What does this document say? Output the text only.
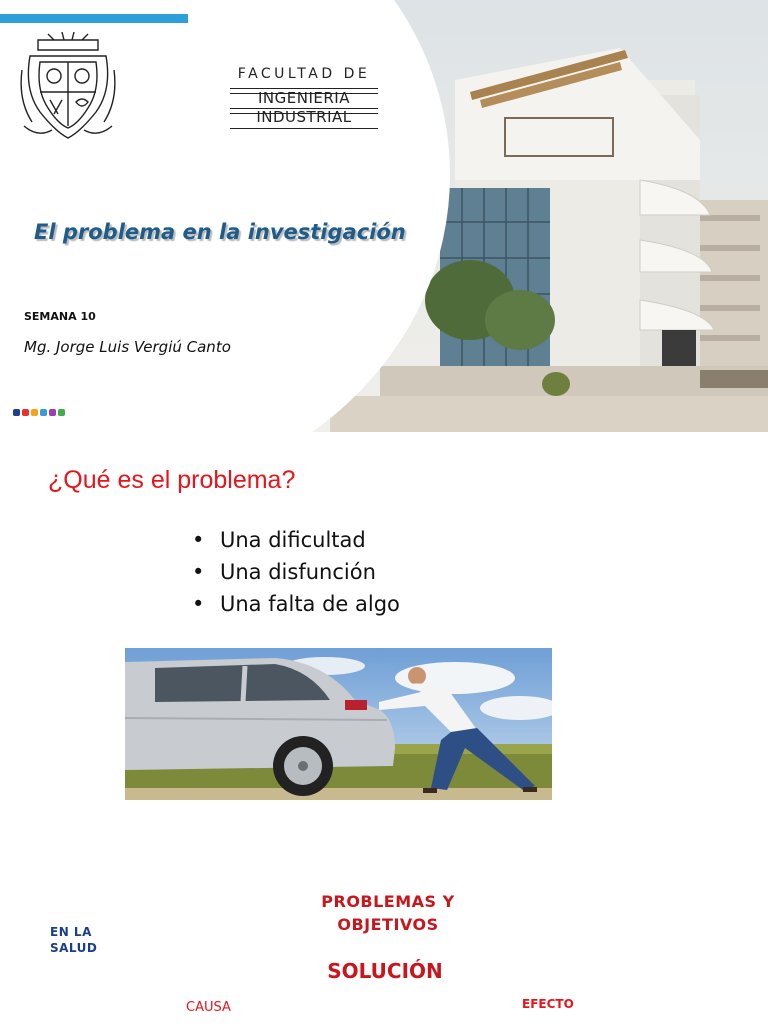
FACULTAD DE
INGENIERIA
INDUSTRIAL
El problema en la investigación
SEMANA 10
Mg. Jorge Luis Vergiú Canto
¿Qué es el problema?
• Una dificultad
• Una disfunción
• Una falta de algo
PROBLEMAS Y OBJETIVOS
EN LA SALUD
SOLUCIÓN
CAUSA	EFECTO
